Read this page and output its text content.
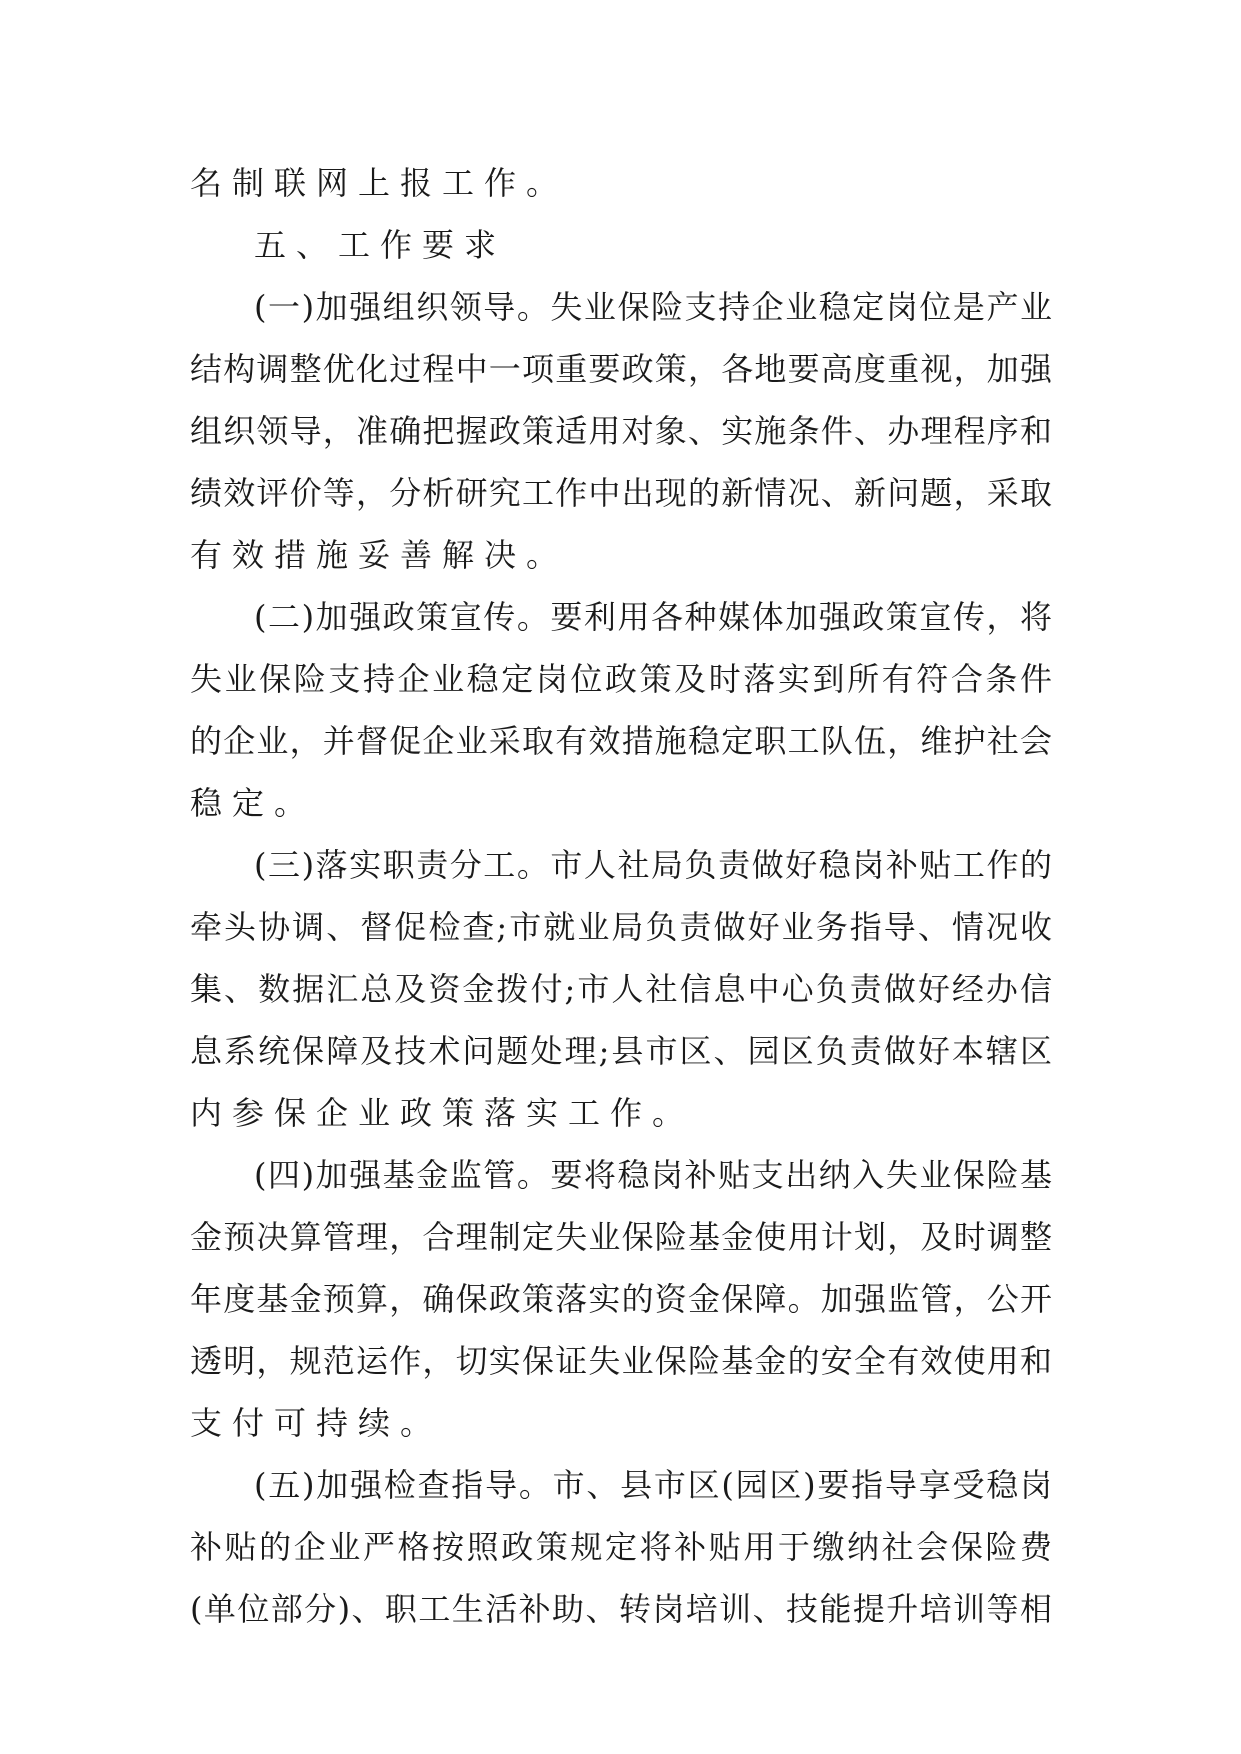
名制联网上报工作。
五、工作要求
(一)加强组织领导。失业保险支持企业稳定岗位是产业
结构调整优化过程中一项重要政策，各地要高度重视，加强
组织领导，准确把握政策适用对象、实施条件、办理程序和
绩效评价等，分析研究工作中出现的新情况、新问题，采取
有效措施妥善解决。
(二)加强政策宣传。要利用各种媒体加强政策宣传，将
失业保险支持企业稳定岗位政策及时落实到所有符合条件
的企业，并督促企业采取有效措施稳定职工队伍，维护社会
稳定。
(三)落实职责分工。市人社局负责做好稳岗补贴工作的
牵头协调、督促检查;市就业局负责做好业务指导、情况收
集、数据汇总及资金拨付;市人社信息中心负责做好经办信
息系统保障及技术问题处理;县市区、园区负责做好本辖区
内参保企业政策落实工作。
(四)加强基金监管。要将稳岗补贴支出纳入失业保险基
金预决算管理，合理制定失业保险基金使用计划，及时调整
年度基金预算，确保政策落实的资金保障。加强监管，公开
透明，规范运作，切实保证失业保险基金的安全有效使用和
支付可持续。
(五)加强检查指导。市、县市区(园区)要指导享受稳岗
补贴的企业严格按照政策规定将补贴用于缴纳社会保险费
(单位部分)、职工生活补助、转岗培训、技能提升培训等相
